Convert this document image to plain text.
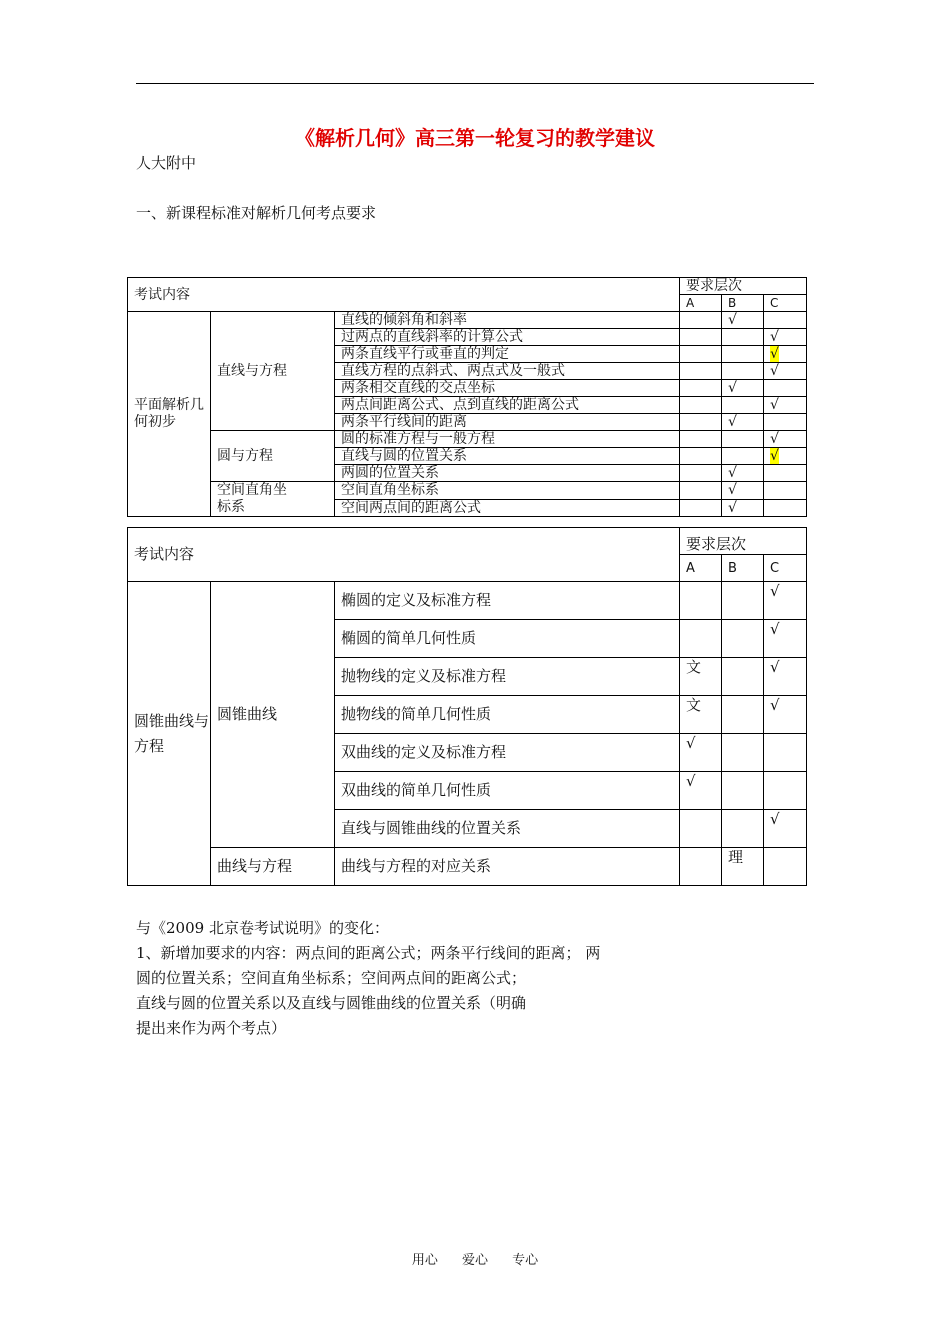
《解析几何》高三第一轮复习的教学建议
人大附中
一、新课程标准对解析几何考点要求
考试内容			要求层次		
			A	B	C
平面解析几何初步	直线与方程	直线的倾斜角和斜率		√	
		过两点的直线斜率的计算公式			√
		两条直线平行或垂直的判定			√
		直线方程的点斜式、两点式及一般式			√
		两条相交直线的交点坐标		√	
		两点间距离公式、点到直线的距离公式			√
		两条平行线间的距离		√	
	圆与方程	圆的标准方程与一般方程			√
		直线与圆的位置关系			√
		两圆的位置关系		√	
	空间直角坐标系	空间直角坐标系		√	
		空间两点间的距离公式		√	
考试内容			要求层次		
			A	B	C
圆锥曲线与方程	圆锥曲线	椭圆的定义及标准方程			√
		椭圆的简单几何性质			√
		抛物线的定义及标准方程	文		√
		抛物线的简单几何性质	文		√
		双曲线的定义及标准方程	√		
		双曲线的简单几何性质	√		
		直线与圆锥曲线的位置关系			√
	曲线与方程	曲线与方程的对应关系		理	

与《2009 北京卷考试说明》的变化：

1、新增加要求的内容：两点间的距离公式；两条平行线间的距离； 两

圆的位置关系；空间直角坐标系；空间两点间的距离公式；

直线与圆的位置关系以及直线与圆锥曲线的位置关系（明确

提出来作为两个考点）

用心 爱心 专心
